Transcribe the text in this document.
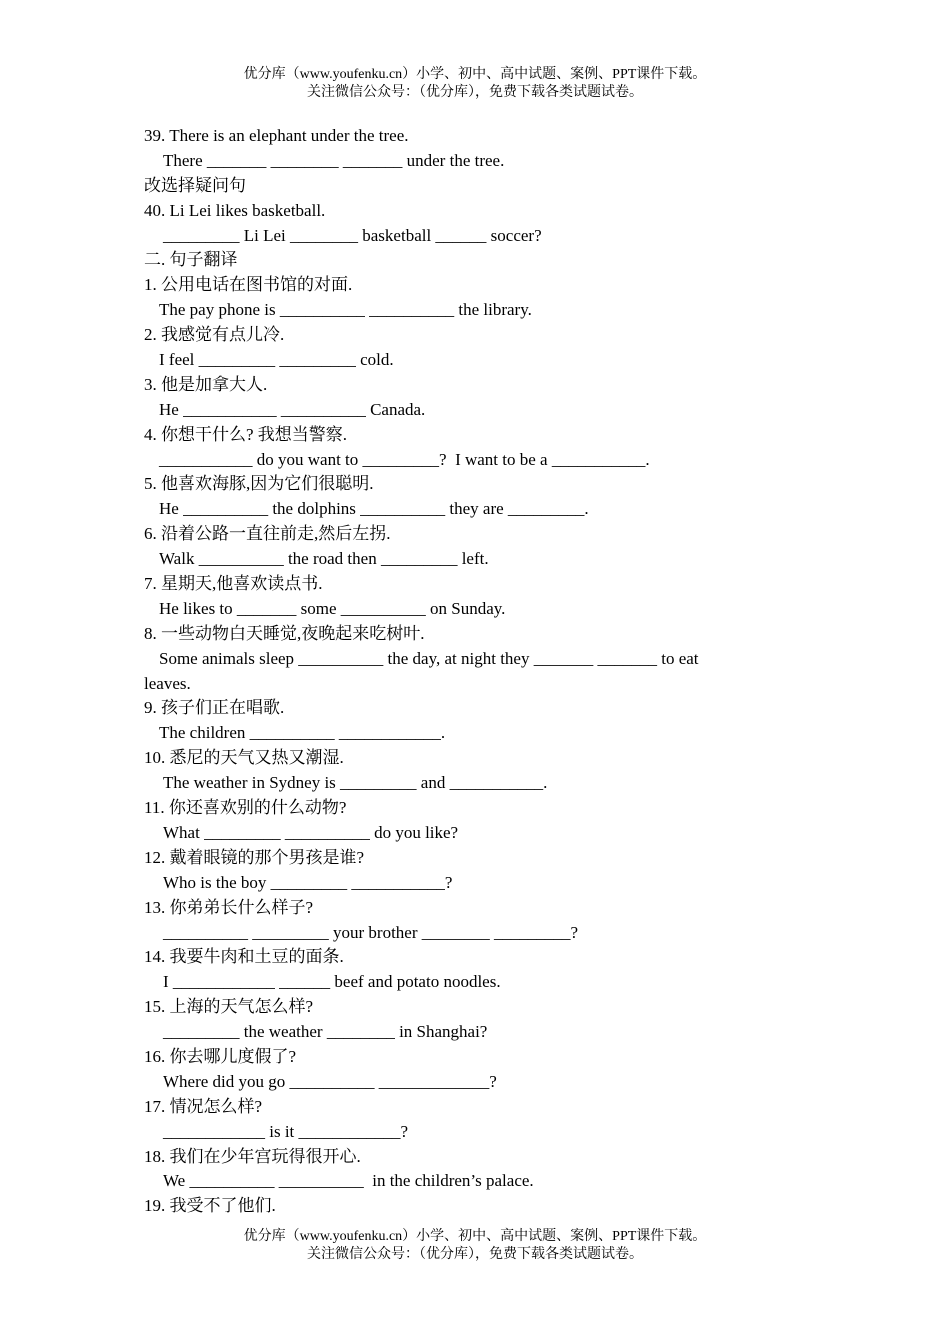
优分库（www.youfenku.cn）小学、初中、高中试题、案例、PPT课件下载。
关注微信公众号：（优分库），免费下载各类试题试卷。
39. There is an elephant under the tree.
There _______ ________ _______ under the tree.
改选择疑问句
40. Li Lei likes basketball.
_________ Li Lei ________ basketball ______ soccer?
二. 句子翻译
1. 公用电话在图书馆的对面.
The pay phone is __________ __________ the library.
2. 我感觉有点儿冷.
I feel _________ _________ cold.
3. 他是加拿大人.
He ___________ __________ Canada.
4. 你想干什么? 我想当警察.
___________ do you want to _________?  I want to be a ___________.
5. 他喜欢海豚,因为它们很聪明.
He __________ the dolphins __________ they are _________.
6. 沿着公路一直往前走,然后左拐.
Walk __________ the road then _________ left.
7. 星期天,他喜欢读点书.
He likes to _______ some __________ on Sunday.
8. 一些动物白天睡觉,夜晚起来吃树叶.
Some animals sleep __________ the day, at night they _______ _______ to eat
leaves.
9. 孩子们正在唱歌.
The children __________ ____________.
10. 悉尼的天气又热又潮湿.
The weather in Sydney is _________ and ___________.
11. 你还喜欢别的什么动物?
What _________ __________ do you like?
12. 戴着眼镜的那个男孩是谁?
Who is the boy _________ ___________?
13. 你弟弟长什么样子?
__________ _________ your brother ________ _________?
14. 我要牛肉和土豆的面条.
I ____________ ______ beef and potato noodles.
15. 上海的天气怎么样?
_________ the weather ________ in Shanghai?
16. 你去哪儿度假了?
Where did you go __________ _____________?
17. 情况怎么样?
____________ is it ____________?
18. 我们在少年宫玩得很开心.
We __________ __________  in the children’s palace.
19. 我受不了他们.
优分库（www.youfenku.cn）小学、初中、高中试题、案例、PPT课件下载。
关注微信公众号：（优分库），免费下载各类试题试卷。
